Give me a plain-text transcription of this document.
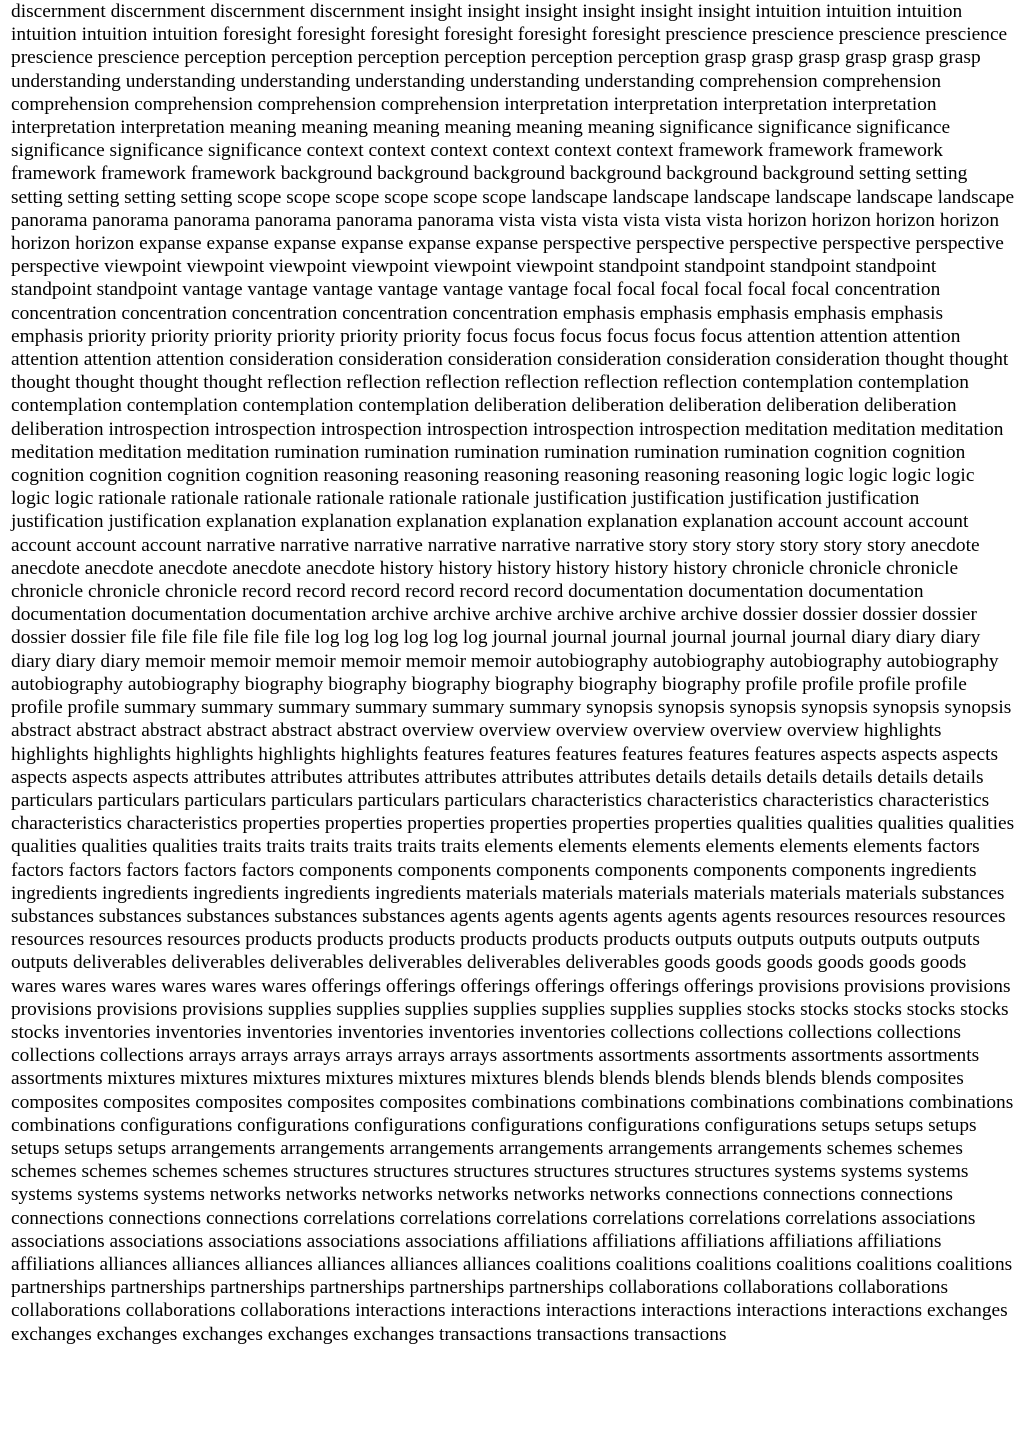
discernment discernment discernment discernment insight insight insight insight insight insight intuition intuition intuition intuition intuition intuition foresight foresight foresight foresight foresight foresight prescience prescience prescience prescience prescience prescience perception perception perception perception perception perception grasp grasp grasp grasp grasp grasp understanding understanding understanding understanding understanding understanding comprehension comprehension comprehension comprehension comprehension comprehension interpretation interpretation interpretation interpretation interpretation interpretation meaning meaning meaning meaning meaning meaning significance significance significance significance significance significance context context context context context context framework framework framework framework framework framework background background background background background background setting setting setting setting setting setting scope scope scope scope scope scope landscape landscape landscape landscape landscape landscape panorama panorama panorama panorama panorama panorama vista vista vista vista vista vista horizon horizon horizon horizon horizon horizon expanse expanse expanse expanse expanse expanse perspective perspective perspective perspective perspective perspective viewpoint viewpoint viewpoint viewpoint viewpoint viewpoint standpoint standpoint standpoint standpoint standpoint standpoint vantage vantage vantage vantage vantage vantage focal focal focal focal focal focal concentration concentration concentration concentration concentration concentration emphasis emphasis emphasis emphasis emphasis emphasis priority priority priority priority priority priority focus focus focus focus focus focus attention attention attention attention attention attention consideration consideration consideration consideration consideration consideration thought thought thought thought thought thought reflection reflection reflection reflection reflection reflection contemplation contemplation contemplation contemplation contemplation contemplation deliberation deliberation deliberation deliberation deliberation deliberation introspection introspection introspection introspection introspection introspection meditation meditation meditation meditation meditation meditation rumination rumination rumination rumination rumination rumination cognition cognition cognition cognition cognition cognition reasoning reasoning reasoning reasoning reasoning reasoning logic logic logic logic logic logic rationale rationale rationale rationale rationale rationale justification justification justification justification justification justification explanation explanation explanation explanation explanation explanation account account account account account account narrative narrative narrative narrative narrative narrative story story story story story story anecdote anecdote anecdote anecdote anecdote anecdote history history history history history history chronicle chronicle chronicle chronicle chronicle chronicle record record record record record record documentation documentation documentation documentation documentation documentation archive archive archive archive archive archive dossier dossier dossier dossier dossier dossier file file file file file file log log log log log log journal journal journal journal journal journal diary diary diary diary diary diary memoir memoir memoir memoir memoir memoir autobiography autobiography autobiography autobiography autobiography autobiography biography biography biography biography biography biography profile profile profile profile profile profile summary summary summary summary summary summary synopsis synopsis synopsis synopsis synopsis synopsis abstract abstract abstract abstract abstract abstract overview overview overview overview overview overview highlights highlights highlights highlights highlights highlights features features features features features features aspects aspects aspects aspects aspects aspects attributes attributes attributes attributes attributes attributes details details details details details details particulars particulars particulars particulars particulars particulars characteristics characteristics characteristics characteristics characteristics characteristics properties properties properties properties properties properties qualities qualities qualities qualities qualities qualities qualities traits traits traits traits traits traits elements elements elements elements elements elements factors factors factors factors factors factors components components components components components components ingredients ingredients ingredients ingredients ingredients ingredients materials materials materials materials materials materials substances substances substances substances substances substances agents agents agents agents agents agents resources resources resources resources resources resources products products products products products products outputs outputs outputs outputs outputs outputs deliverables deliverables deliverables deliverables deliverables deliverables goods goods goods goods goods goods wares wares wares wares wares wares offerings offerings offerings offerings offerings offerings provisions provisions provisions provisions provisions provisions supplies supplies supplies supplies supplies supplies supplies stocks stocks stocks stocks stocks stocks inventories inventories inventories inventories inventories inventories collections collections collections collections collections collections arrays arrays arrays arrays arrays arrays assortments assortments assortments assortments assortments assortments mixtures mixtures mixtures mixtures mixtures mixtures blends blends blends blends blends blends composites composites composites composites composites composites combinations combinations combinations combinations combinations combinations configurations configurations configurations configurations configurations configurations setups setups setups setups setups setups arrangements arrangements arrangements arrangements arrangements arrangements schemes schemes schemes schemes schemes schemes structures structures structures structures structures structures systems systems systems systems systems systems networks networks networks networks networks networks connections connections connections connections connections connections correlations correlations correlations correlations correlations correlations associations associations associations associations associations associations affiliations affiliations affiliations affiliations affiliations affiliations alliances alliances alliances alliances alliances alliances coalitions coalitions coalitions coalitions coalitions coalitions partnerships partnerships partnerships partnerships partnerships partnerships collaborations collaborations collaborations collaborations collaborations collaborations interactions interactions interactions interactions interactions interactions exchanges exchanges exchanges exchanges exchanges exchanges transactions transactions transactions
